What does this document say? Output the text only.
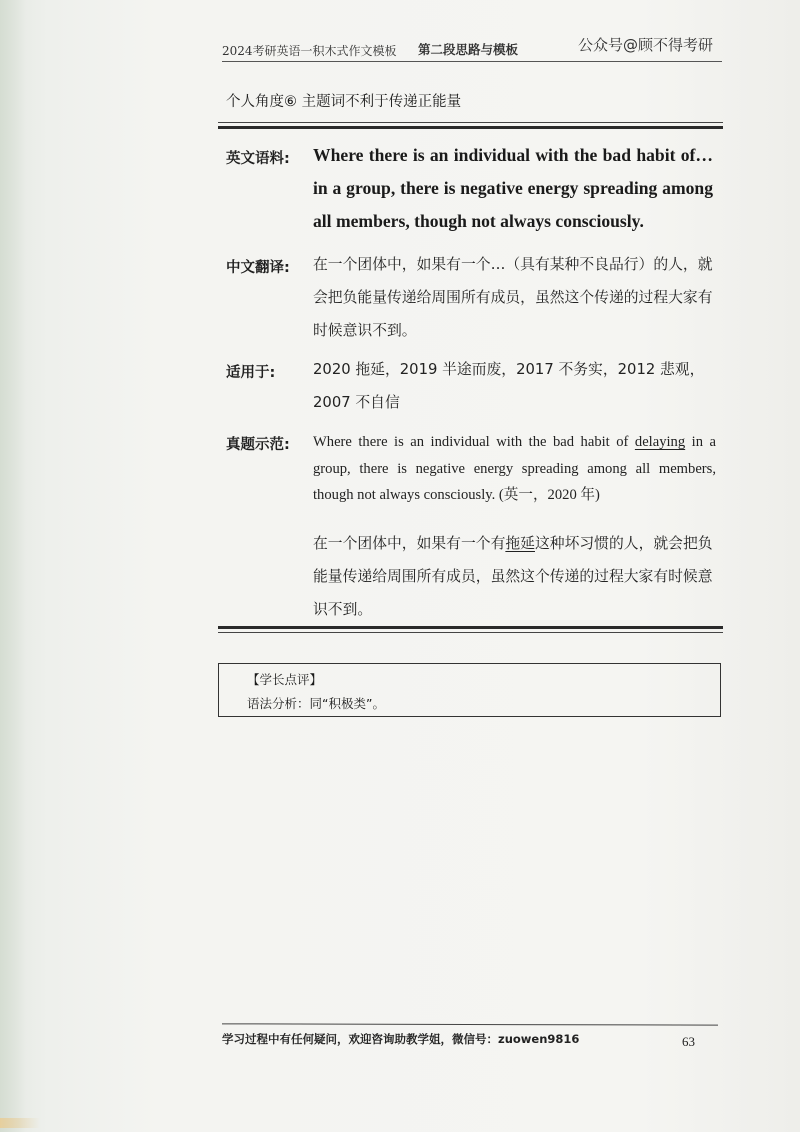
2024考研英语一积木式作文模板 第二段思路与模板	公众号@顾不得考研
个人角度⑥ 主题词不利于传递正能量
英文语料: Where there is an individual with the bad habit of…in a group, there is negative energy spreading among all members, though not always consciously.
中文翻译: 在一个团体中，如果有一个…（具有某种不良品行）的人，就会把负能量传递给周围所有成员，虽然这个传递的过程大家有时候意识不到。
适用于:	2020 拖延，2019 半途而废，2017 不务实，2012 悲观，2007 不自信
真题示范: Where there is an individual with the bad habit of delaying in a group, there is negative energy spreading among all members, though not always consciously. (英一，2020 年)
在一个团体中，如果有一个有拖延这种坏习惯的人，就会把负能量传递给周围所有成员，虽然这个传递的过程大家有时候意识不到。
【学长点评】
语法分析：同“积极类”。
学习过程中有任何疑问，欢迎咨询助教学姐，微信号：zuowen9816	63
